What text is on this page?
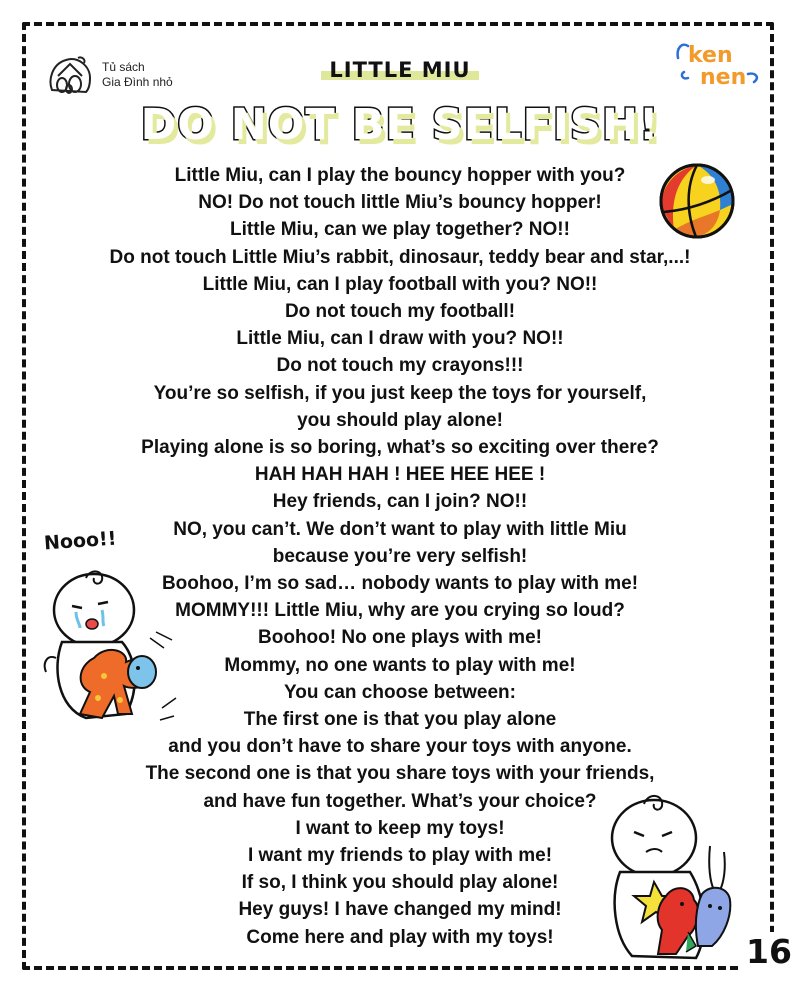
Tủ sách
Gia Đình nhỏ	LITTLE MIU
ken
nen
DO NOT BE SELFISH!
Little Miu, can I play the bouncy hopper with you?
NO! Do not touch little Miu’s bouncy hopper!
Little Miu, can we play together? NO!!
Do not touch Little Miu’s rabbit, dinosaur, teddy bear and star,...!
Little Miu, can I play football with you? NO!!
Do not touch my football!
Little Miu, can I draw with you? NO!!
Do not touch my crayons!!!
You’re so selfish, if you just keep the toys for yourself,
you should play alone!
Playing alone is so boring, what’s so exciting over there?
HAH HAH HAH ! HEE HEE HEE !
Hey friends, can I join? NO!!
NO, you can’t. We don’t want to play with little Miu
because you’re very selfish!
Boohoo, I’m so sad… nobody wants to play with me!
MOMMY!!! Little Miu, why are you crying so loud?
Boohoo! No one plays with me!
Mommy, no one wants to play with me!
You can choose between:
The first one is that you play alone
and you don’t have to share your toys with anyone.
The second one is that you share toys with your friends,
and have fun together. What’s your choice?
I want to keep my toys!
I want my friends to play with me!
If so, I think you should play alone!
Hey guys! I have changed my mind!
Come here and play with my toys!
Nooo!!
16
